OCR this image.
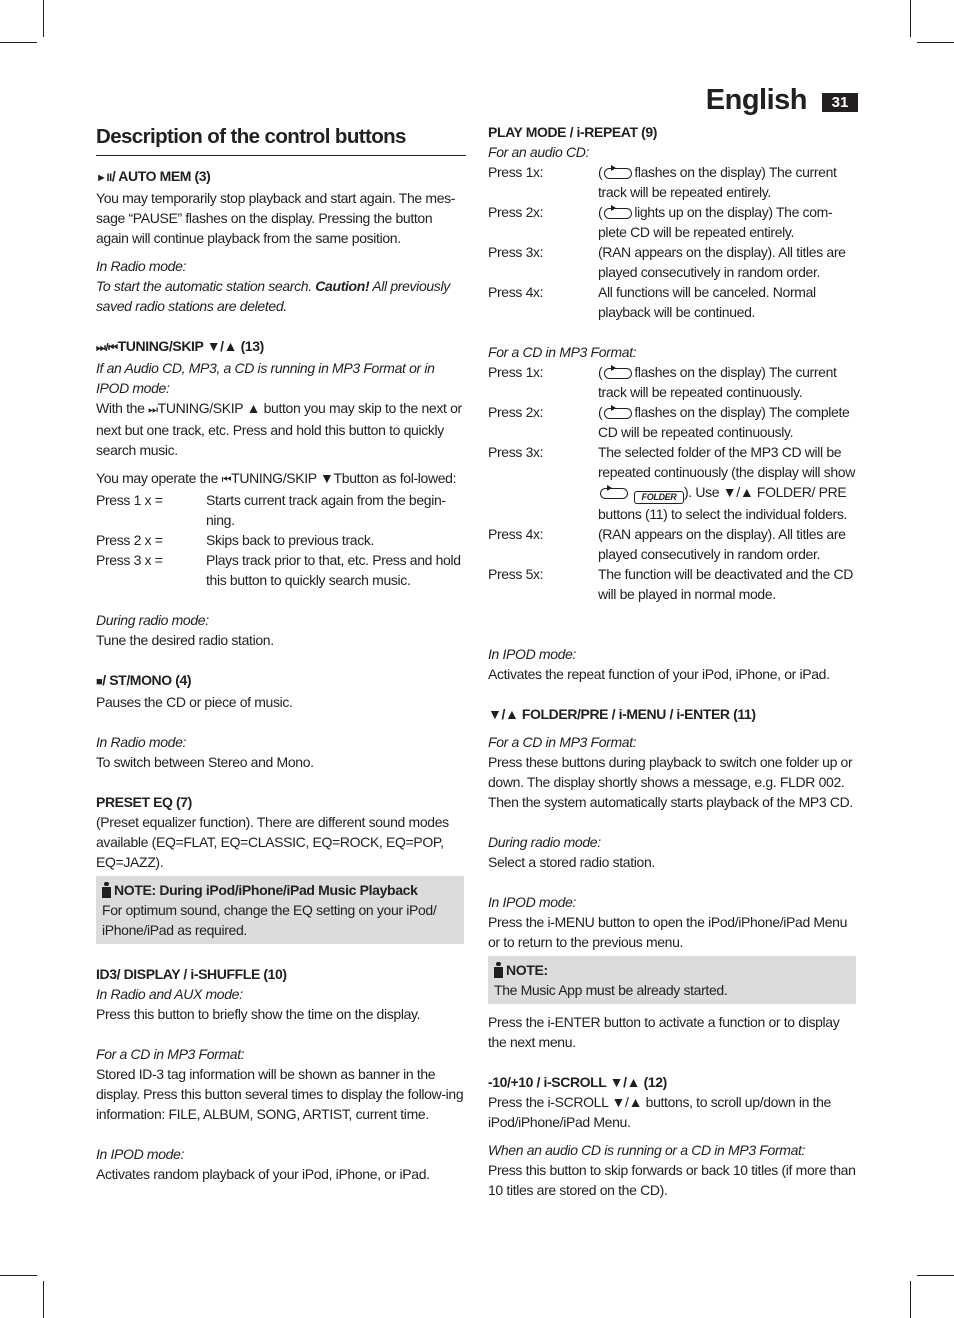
English	31
Description of the control buttons
►II/ AUTO MEM (3)
You may temporarily stop playback and start again. The mes-sage “PAUSE” flashes on the display. Pressing the button again will continue playback from the same position.
In Radio mode:
To start the automatic station search. Caution! All previously saved radio stations are deleted.
⏭/⏮TUNING/SKIP ▼/▲ (13)
If an Audio CD, MP3, a CD is running in MP3 Format or in IPOD mode:
With the ⏭TUNING/SKIP ▲ button you may skip to the next or next but one track, etc. Press and hold this button to quickly search music.
You may operate the ⏮TUNING/SKIP ▼Tbutton as fol-lowed:
Press 1 x =	Starts current track again from the begin-ning.
Press 2 x =	Skips back to previous track.
Press 3 x =	Plays track prior to that, etc. Press and hold this button to quickly search music.
During radio mode:
Tune the desired radio station.
■/ ST/MONO (4)
Pauses the CD or piece of music.
In Radio mode:
To switch between Stereo and Mono.
PRESET EQ (7)
(Preset equalizer function). There are different sound modes available (EQ=FLAT, EQ=CLASSIC, EQ=ROCK, EQ=POP, EQ=JAZZ).
NOTE: During iPod/iPhone/iPad Music Playback
For optimum sound, change the EQ setting on your iPod/ iPhone/iPad as required.
ID3/ DISPLAY / i-SHUFFLE (10)
In Radio and AUX mode:
Press this button to briefly show the time on the display.
For a CD in MP3 Format:
Stored ID-3 tag information will be shown as banner in the display. Press this button several times to display the follow-ing information: FILE, ALBUM, SONG, ARTIST, current time.
In IPOD mode:
Activates random playback of your iPod, iPhone, or iPad.
PLAY MODE / i-REPEAT (9)
For an audio CD:
Press 1x:	( flashes on the display) The current track will be repeated entirely.
Press 2x:	( lights up on the display) The com-plete CD will be repeated entirely.
Press 3x:	(RAN appears on the display). All titles are played consecutively in random order.
Press 4x:	All functions will be canceled. Normal playback will be continued.
For a CD in MP3 Format:
Press 1x:	( flashes on the display) The current track will be repeated continuously.
Press 2x:	( flashes on the display) The complete CD will be repeated continuously.
Press 3x:	The selected folder of the MP3 CD will be repeated continuously (the display will show FOLDER ). Use ▼/▲ FOLDER/ PRE buttons (11) to select the individual folders.
Press 4x:	(RAN appears on the display). All titles are played consecutively in random order.
Press 5x:	The function will be deactivated and the CD will be played in normal mode.
In IPOD mode:
Activates the repeat function of your iPod, iPhone, or iPad.
▼/▲ FOLDER/PRE / i-MENU / i-ENTER (11)
For a CD in MP3 Format:
Press these buttons during playback to switch one folder up or down. The display shortly shows a message, e.g. FLDR 002. Then the system automatically starts playback of the MP3 CD.
During radio mode:
Select a stored radio station.
In IPOD mode:
Press the i-MENU button to open the iPod/iPhone/iPad Menu or to return to the previous menu.
NOTE:
The Music App must be already started.
Press the i-ENTER button to activate a function or to display the next menu.
-10/+10 / i-SCROLL ▼/▲ (12)
Press the i-SCROLL ▼/▲ buttons, to scroll up/down in the iPod/iPhone/iPad Menu.
When an audio CD is running or a CD in MP3 Format:
Press this button to skip forwards or back 10 titles (if more than 10 titles are stored on the CD).
